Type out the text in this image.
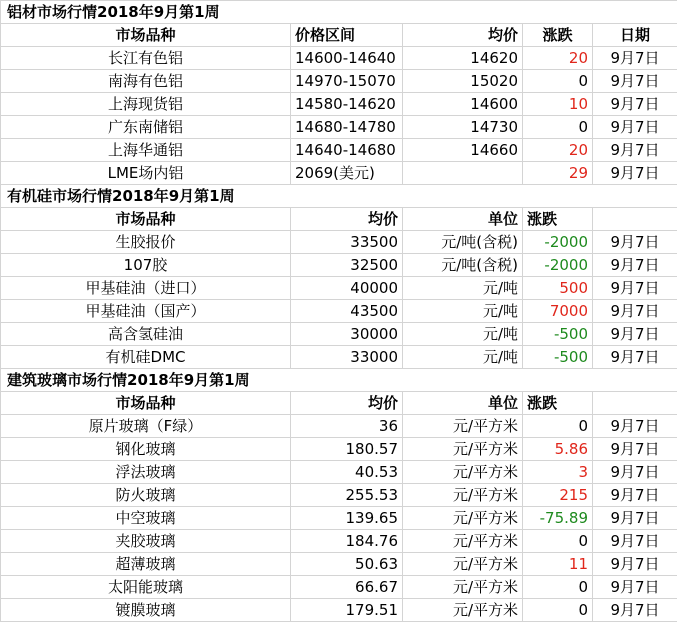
铝材市场行情2018年9月第1周				
市场品种	价格区间	均价	涨跌	日期
长江有色铝	14600-14640	14620	20	9月7日
南海有色铝	14970-15070	15020	0	9月7日
上海现货铝	14580-14620	14600	10	9月7日
广东南储铝	14680-14780	14730	0	9月7日
上海华通铝	14640-14680	14660	20	9月7日
LME场内铝	2069(美元)		29	9月7日
有机硅市场行情2018年9月第1周				
市场品种	均价	单位	涨跌	
生胶报价	33500	元/吨(含税)	-2000	9月7日
107胶	32500	元/吨(含税)	-2000	9月7日
甲基硅油（进口）	40000	元/吨	500	9月7日
甲基硅油（国产）	43500	元/吨	7000	9月7日
高含氢硅油	30000	元/吨	-500	9月7日
有机硅DMC	33000	元/吨	-500	9月7日
建筑玻璃市场行情2018年9月第1周				
市场品种	均价	单位	涨跌	
原片玻璃（F绿）	36	元/平方米	0	9月7日
钢化玻璃	180.57	元/平方米	5.86	9月7日
浮法玻璃	40.53	元/平方米	3	9月7日
防火玻璃	255.53	元/平方米	215	9月7日
中空玻璃	139.65	元/平方米	-75.89	9月7日
夹胶玻璃	184.76	元/平方米	0	9月7日
超薄玻璃	50.63	元/平方米	11	9月7日
太阳能玻璃	66.67	元/平方米	0	9月7日
镀膜玻璃	179.51	元/平方米	0	9月7日
